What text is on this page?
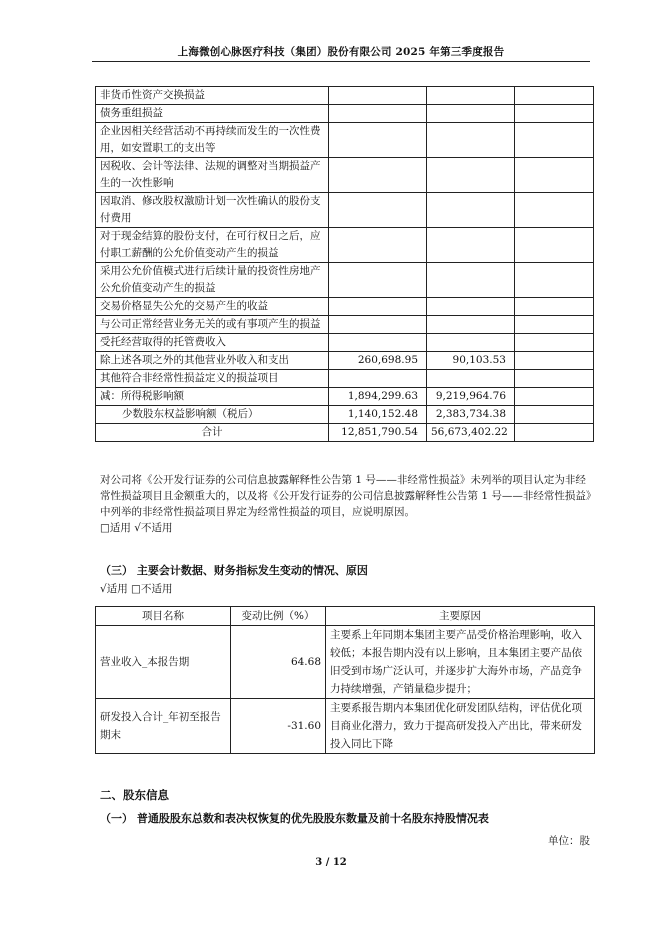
上海微创心脉医疗科技（集团）股份有限公司 2025 年第三季度报告
非货币性资产交换损益			
债务重组损益			
企业因相关经营活动不再持续而发生的一次性费用，如安置职工的支出等			
因税收、会计等法律、法规的调整对当期损益产生的一次性影响			
因取消、修改股权激励计划一次性确认的股份支付费用			
对于现金结算的股份支付，在可行权日之后，应付职工薪酬的公允价值变动产生的损益			
采用公允价值模式进行后续计量的投资性房地产公允价值变动产生的损益			
交易价格显失公允的交易产生的收益			
与公司正常经营业务无关的或有事项产生的损益			
受托经营取得的托管费收入			
除上述各项之外的其他营业外收入和支出	260,698.95	90,103.53	
其他符合非经常性损益定义的损益项目			
减：所得税影响额	1,894,299.63	9,219,964.76	
少数股东权益影响额（税后）	1,140,152.48	2,383,734.38	
合计	12,851,790.54	56,673,402.22	
对公司将《公开发行证券的公司信息披露解释性公告第 1 号——非经常性损益》未列举的项目认定为非经常性损益项目且金额重大的，以及将《公开发行证券的公司信息披露解释性公告第 1 号——非经常性损益》中列举的非经常性损益项目界定为经常性损益的项目，应说明原因。
□适用 √不适用
（三） 主要会计数据、财务指标发生变动的情况、原因
√适用 □不适用
项目名称	变动比例（%）	主要原因
营业收入_本报告期	64.68	主要系上年同期本集团主要产品受价格治理影响，收入较低；本报告期内没有以上影响，且本集团主要产品依旧受到市场广泛认可，并逐步扩大海外市场，产品竞争力持续增强，产销量稳步提升；
研发投入合计_年初至报告期末	-31.60	主要系报告期内本集团优化研发团队结构，评估优化项目商业化潜力，致力于提高研发投入产出比，带来研发投入同比下降
二、股东信息
（一） 普通股股东总数和表决权恢复的优先股股东数量及前十名股东持股情况表
单位：股
3 / 12
